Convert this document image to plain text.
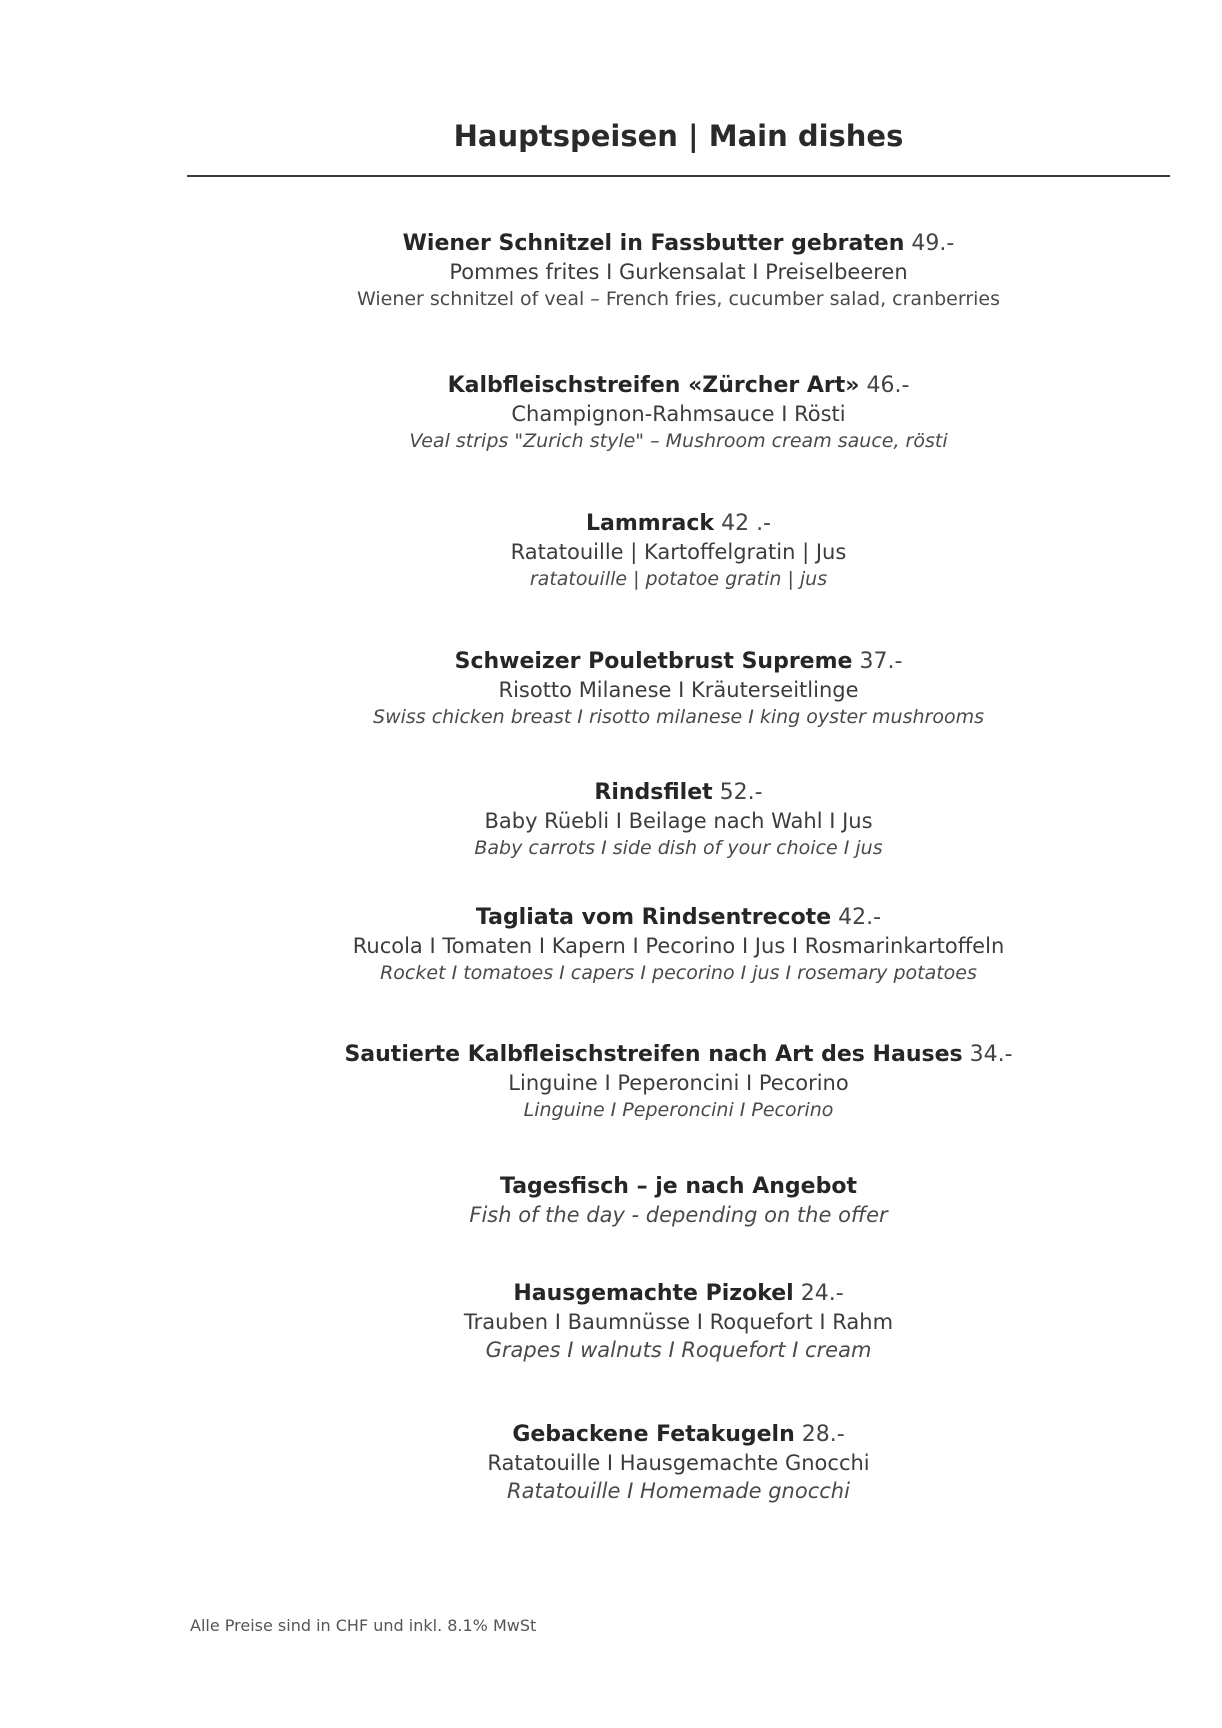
Hauptspeisen | Main dishes
Wiener Schnitzel in Fassbutter gebraten 49.-
Pommes frites I Gurkensalat I Preiselbeeren
Wiener schnitzel of veal – French fries, cucumber salad, cranberries
Kalbfleischstreifen «Zürcher Art» 46.-
Champignon-Rahmsauce I Rösti
Veal strips "Zurich style" – Mushroom cream sauce, rösti
Lammrack 42 .-
Ratatouille | Kartoffelgratin | Jus
ratatouille | potatoe gratin | jus
Schweizer Pouletbrust Supreme 37.-
Risotto Milanese I Kräuterseitlinge
Swiss chicken breast I risotto milanese I king oyster mushrooms
Rindsfilet 52.-
Baby Rüebli I Beilage nach Wahl I Jus
Baby carrots I side dish of your choice I jus
Tagliata vom Rindsentrecote 42.-
Rucola I Tomaten I Kapern I Pecorino I Jus I Rosmarinkartoffeln
Rocket I tomatoes I capers I pecorino I jus I rosemary potatoes
Sautierte Kalbfleischstreifen nach Art des Hauses 34.-
Linguine I Peperoncini I Pecorino
Linguine I Peperoncini I Pecorino
Tagesfisch – je nach Angebot
Fish of the day - depending on the offer
Hausgemachte Pizokel 24.-
Trauben I Baumnüsse I Roquefort I Rahm
Grapes I walnuts I Roquefort I cream
Gebackene Fetakugeln 28.-
Ratatouille I Hausgemachte Gnocchi
Ratatouille I Homemade gnocchi
Alle Preise sind in CHF und inkl. 8.1% MwSt
